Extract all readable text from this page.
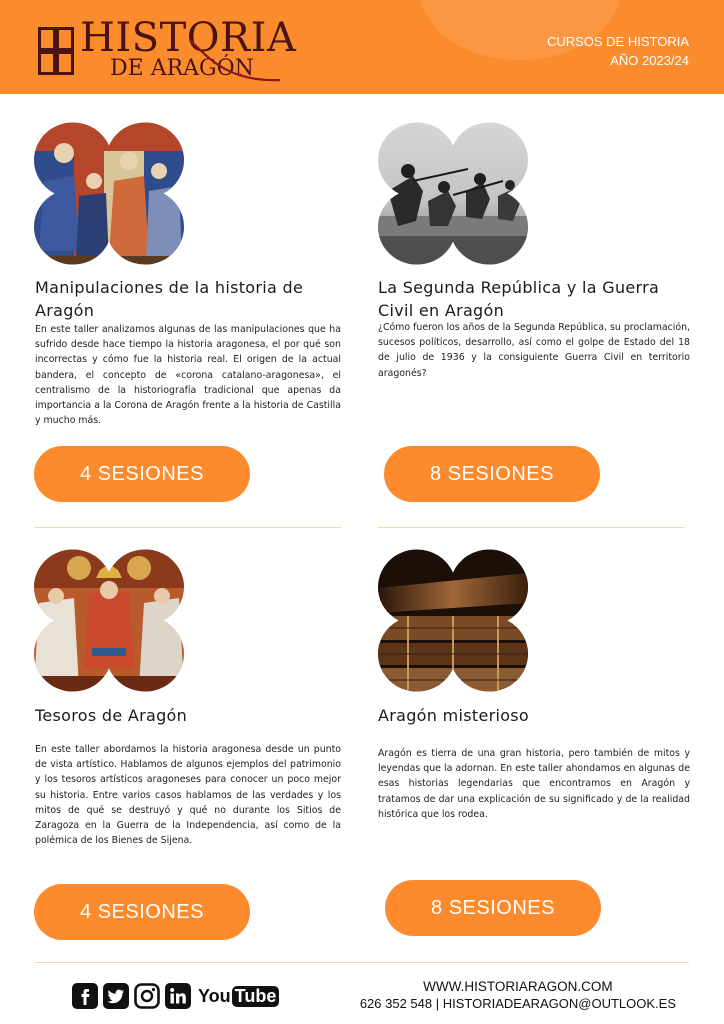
HISTORIA
DE ARAGÓN
CURSOS DE HISTORIA
AÑO 2023/24
Manipulaciones de la historia de Aragón
En este taller analizamos algunas de las manipulaciones que ha sufrido desde hace tiempo la historia aragonesa, el por qué son incorrectas y cómo fue la historia real. El origen de la actual bandera, el concepto de «corona catalano-aragonesa», el centralismo de la historiografía tradicional que apenas da importancia a la Corona de Aragón frente a la historia de Castilla y mucho más.
4 SESIONES
La Segunda República y la Guerra Civil en Aragón
¿Cómo fueron los años de la Segunda República, su proclamación, sucesos políticos, desarrollo, así como el golpe de Estado del 18 de julio de 1936 y la consiguiente Guerra Civil en territorio aragonés?
8 SESIONES
Tesoros de Aragón
En este taller abordamos la historia aragonesa desde un punto de vista artístico. Hablamos de algunos ejemplos del patrimonio y los tesoros artísticos aragoneses para conocer un poco mejor su historia. Entre varios casos hablamos de las verdades y los mitos de qué se destruyó y qué no durante los Sitios de Zaragoza en la Guerra de la Independencia, así como de la polémica de los Bienes de Sijena.
4 SESIONES
Aragón misterioso
Aragón es tierra de una gran historia, pero también de mitos y leyendas que la adornan. En este taller ahondamos en algunas de esas historias legendarias que encontramos en Aragón y tratamos de dar una explicación de su significado y de la realidad histórica que los rodea.
8 SESIONES
You Tube	WWW.HISTORIARAGON.COM
626 352 548 | HISTORIADEARAGON@OUTLOOK.ES
